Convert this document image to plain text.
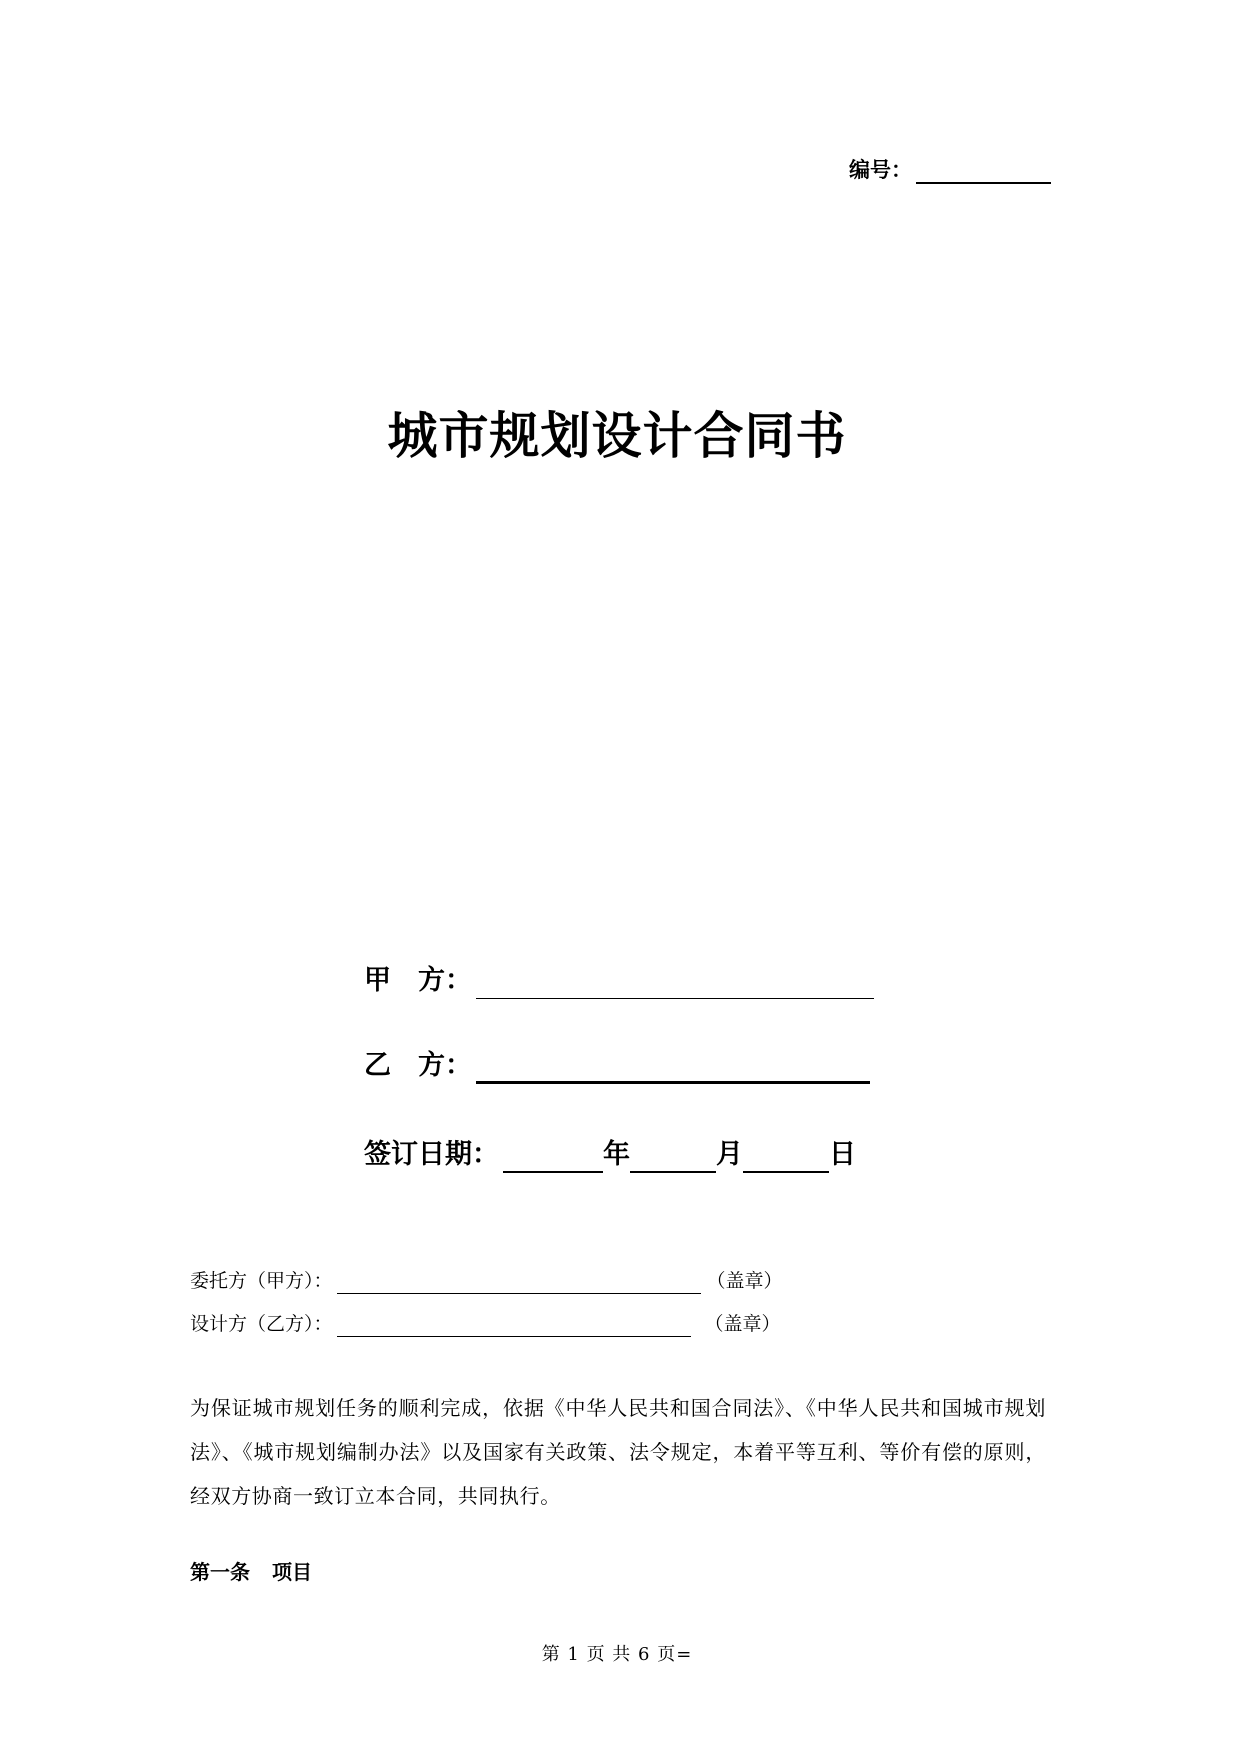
编号：
城市规划设计合同书
甲　方：
乙　方：
签订日期：	年	月	日
委托方（甲方）：	（盖章）
设计方（乙方）：	（盖章）

为保证城市规划任务的顺利完成，依据《中华人民共和国合同法》、《中华人民共和国城市规划法》、《城市规划编制办法》以及国家有关政策、法令规定，本着平等互利、等价有偿的原则，经双方协商一致订立本合同，共同执行。

第一条 项目
第 1 页 共 6 页=
